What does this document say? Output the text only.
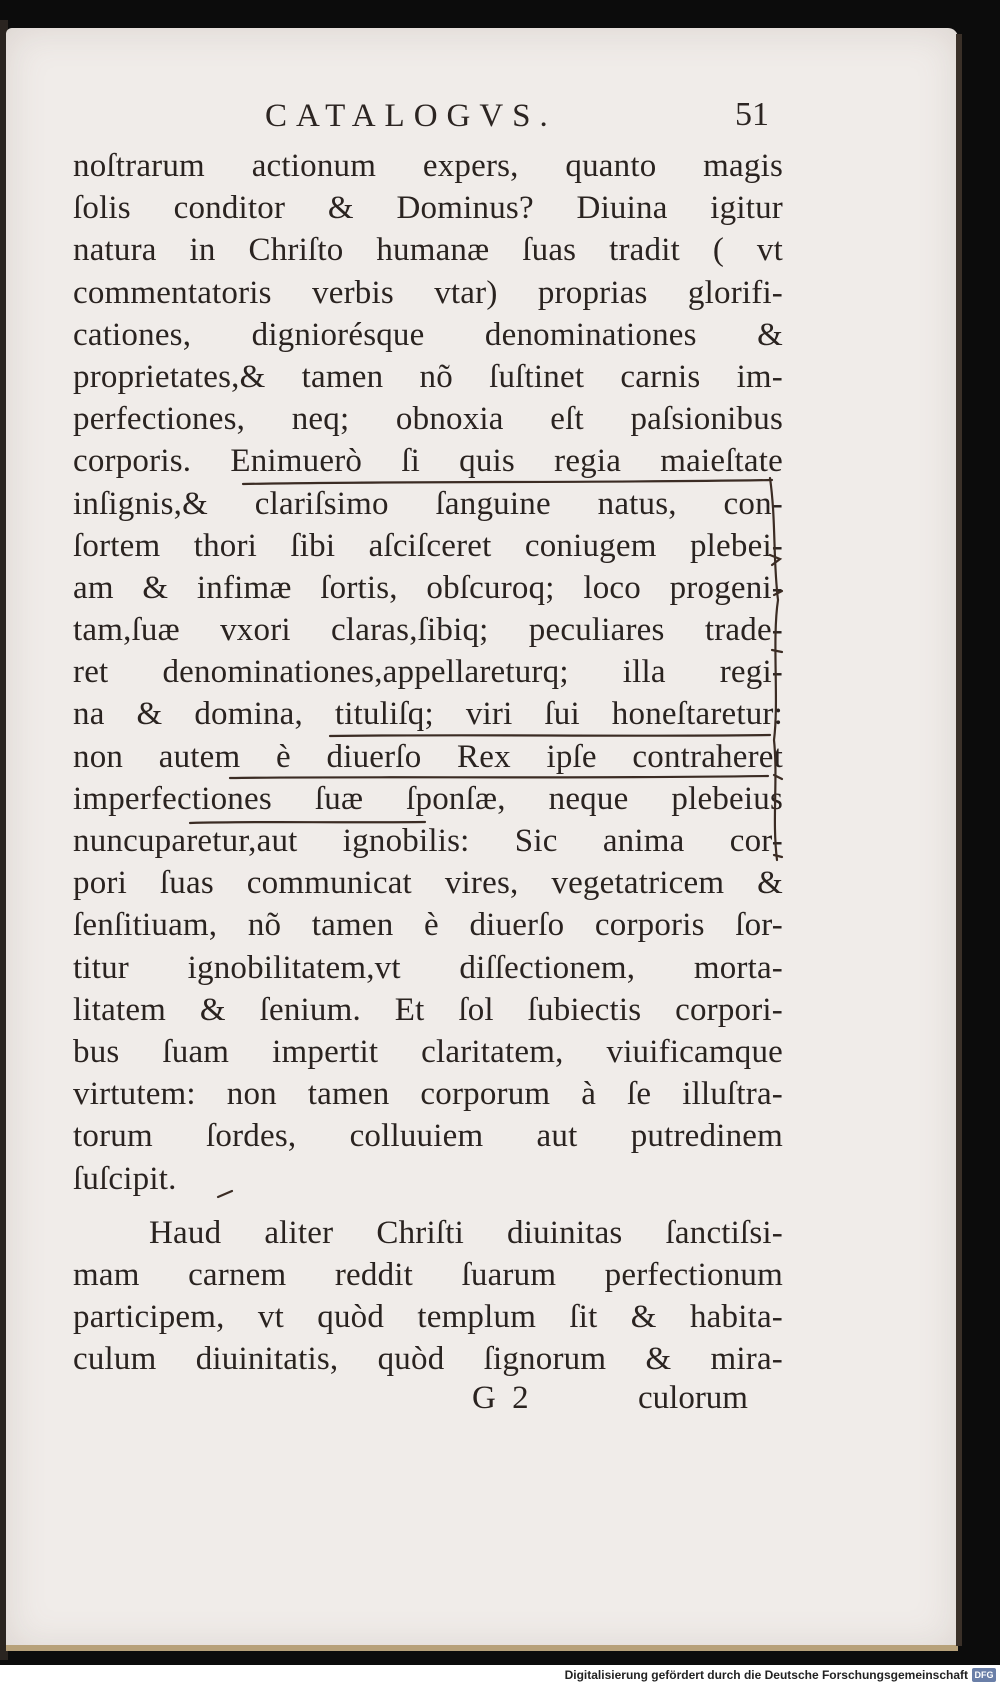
CATALOGVS.	51
noſtrarum actionum expers, quanto magis
ſolis conditor & Dominus? Diuina igitur
natura in Chriſto humanæ ſuas tradit ( vt
commentatoris verbis vtar) proprias glorifi-
cationes, digniorésque denominationes &
proprietates,& tamen nõ ſuſtinet carnis im-
perfectiones, neq; obnoxia eſt paſsionibus
corporis. Enimuerò ſi quis regia maieſtate
inſignis,& clariſsimo ſanguine natus, con-
ſortem thori ſibi aſciſceret coniugem plebei-
am & infimæ ſortis, obſcuroq; loco progeni-
tam,ſuæ vxori claras,ſibiq; peculiares trade-
ret denominationes,appellareturq; illa regi-
na & domina, tituliſq; viri ſui honeſtaretur:
non autem è diuerſo Rex ipſe contraheret
imperfectiones ſuæ ſponſæ, neque plebeius
nuncuparetur,aut ignobilis: Sic anima cor-
pori ſuas communicat vires, vegetatricem &
ſenſitiuam, nõ tamen è diuerſo corporis ſor-
titur ignobilitatem,vt diſſectionem, morta-
litatem & ſenium. Et ſol ſubiectis corpori-
bus ſuam impertit claritatem, viuificamque
virtutem: non tamen corporum à ſe illuſtra-
torum ſordes, colluuiem aut putredinem
ſuſcipit.
Haud aliter Chriſti diuinitas ſanctiſsi-
mam carnem reddit ſuarum perfectionum
participem, vt quòd templum ſit & habita-
culum diuinitatis, quòd ſignorum & mira-
G 2	culorum
Digitalisierung gefördert durch die Deutsche Forschungsgemeinschaft DFG
